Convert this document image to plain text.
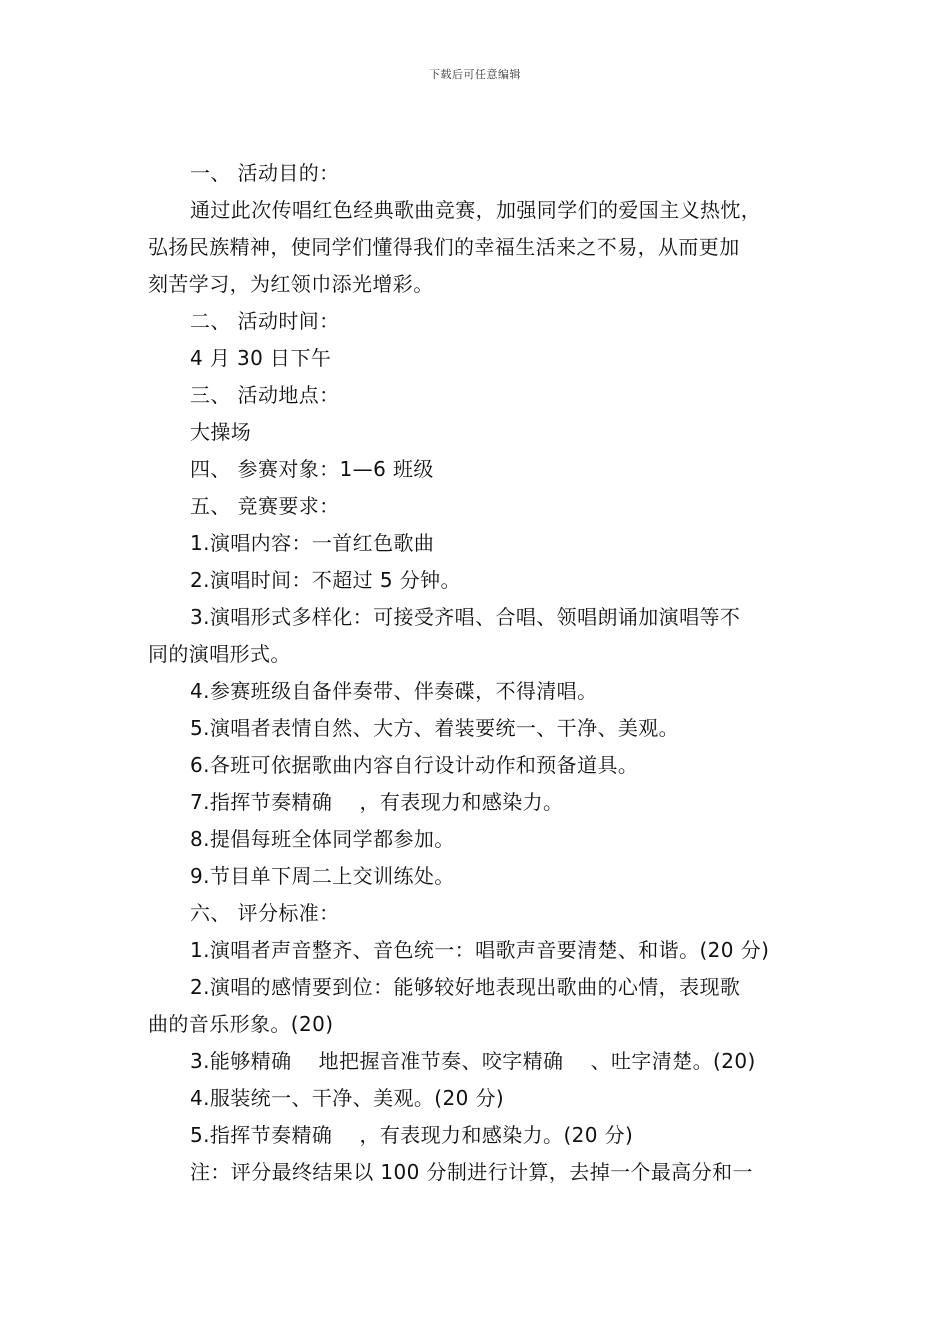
下载后可任意编辑
一、 活动目的：
通过此次传唱红色经典歌曲竞赛，加强同学们的爱国主义热忱，
弘扬民族精神，使同学们懂得我们的幸福生活来之不易，从而更加
刻苦学习，为红领巾添光增彩。
二、 活动时间：
4 月 30 日下午
三、 活动地点：
大操场
四、 参赛对象：1—6 班级
五、 竞赛要求：
1.演唱内容：一首红色歌曲
2.演唱时间：不超过 5 分钟。
3.演唱形式多样化：可接受齐唱、合唱、领唱朗诵加演唱等不
同的演唱形式。
4.参赛班级自备伴奏带、伴奏碟，不得清唱。
5.演唱者表情自然、大方、着装要统一、干净、美观。
6.各班可依据歌曲内容自行设计动作和预备道具。
7.指挥节奏精确　 ，有表现力和感染力。
8.提倡每班全体同学都参加。
9.节目单下周二上交训练处。
六、 评分标准：
1.演唱者声音整齐、音色统一：唱歌声音要清楚、和谐。(20 分)
2.演唱的感情要到位：能够较好地表现出歌曲的心情，表现歌
曲的音乐形象。(20)
3.能够精确　 地把握音准节奏、咬字精确　 、吐字清楚。(20)
4.服装统一、干净、美观。(20 分)
5.指挥节奏精确　 ，有表现力和感染力。(20 分)
注：评分最终结果以 100 分制进行计算，去掉一个最高分和一
